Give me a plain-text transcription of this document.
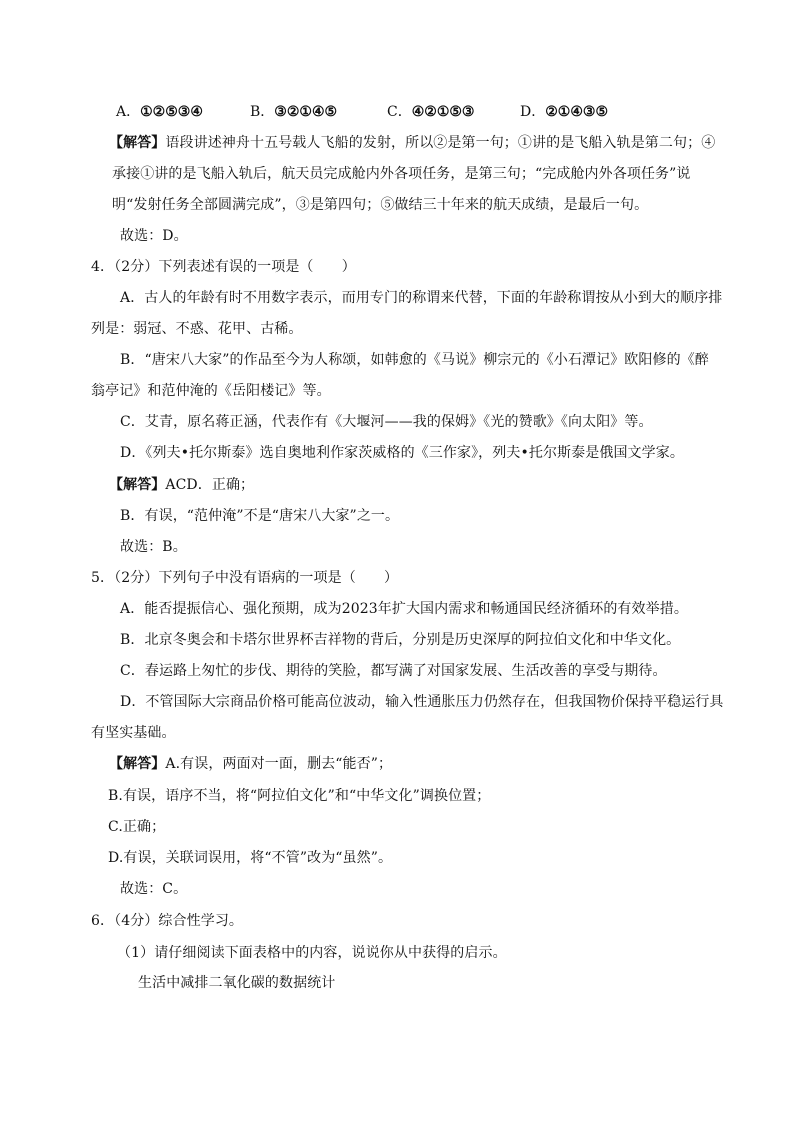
A．①②⑤③④	B．③②①④⑤	C．④②①⑤③	D．②①④③⑤
【解答】语段讲述神舟十五号载人飞船的发射，所以②是第一句；①讲的是飞船入轨是第二句；④
承接①讲的是飞船入轨后，航天员完成舱内外各项任务，是第三句；“完成舱内外各项任务”说
明“发射任务全部圆满完成”，③是第四句；⑤做结三十年来的航天成绩，是最后一句。
故选：D。
4．（2分）下列表述有误的一项是（　　）
A．古人的年龄有时不用数字表示，而用专门的称谓来代替，下面的年龄称谓按从小到大的顺序排
列是：弱冠、不惑、花甲、古稀。
B．“唐宋八大家”的作品至今为人称颂，如韩愈的《马说》柳宗元的《小石潭记》欧阳修的《醉
翁亭记》和范仲淹的《岳阳楼记》等。
C．艾青，原名蒋正涵，代表作有《大堰河——我的保姆》《光的赞歌》《向太阳》等。
D．《列夫•托尔斯泰》选自奥地利作家茨威格的《三作家》，列夫•托尔斯泰是俄国文学家。
【解答】ACD．正确；
B．有误，“范仲淹”不是“唐宋八大家”之一。
故选：B。
5．（2分）下列句子中没有语病的一项是（　　）
A．能否提振信心、强化预期，成为2023年扩大国内需求和畅通国民经济循环的有效举措。
B．北京冬奥会和卡塔尔世界杯吉祥物的背后，分别是历史深厚的阿拉伯文化和中华文化。
C．春运路上匆忙的步伐、期待的笑脸，都写满了对国家发展、生活改善的享受与期待。
D．不管国际大宗商品价格可能高位波动，输入性通胀压力仍然存在，但我国物价保持平稳运行具
有坚实基础。
【解答】A.有误，两面对一面，删去“能否”；
B.有误，语序不当，将“阿拉伯文化”和“中华文化”调换位置；
C.正确；
D.有误，关联词误用，将“不管”改为“虽然”。
故选：C。
6．（4分）综合性学习。
（1）请仔细阅读下面表格中的内容，说说你从中获得的启示。
生活中减排二氧化碳的数据统计
